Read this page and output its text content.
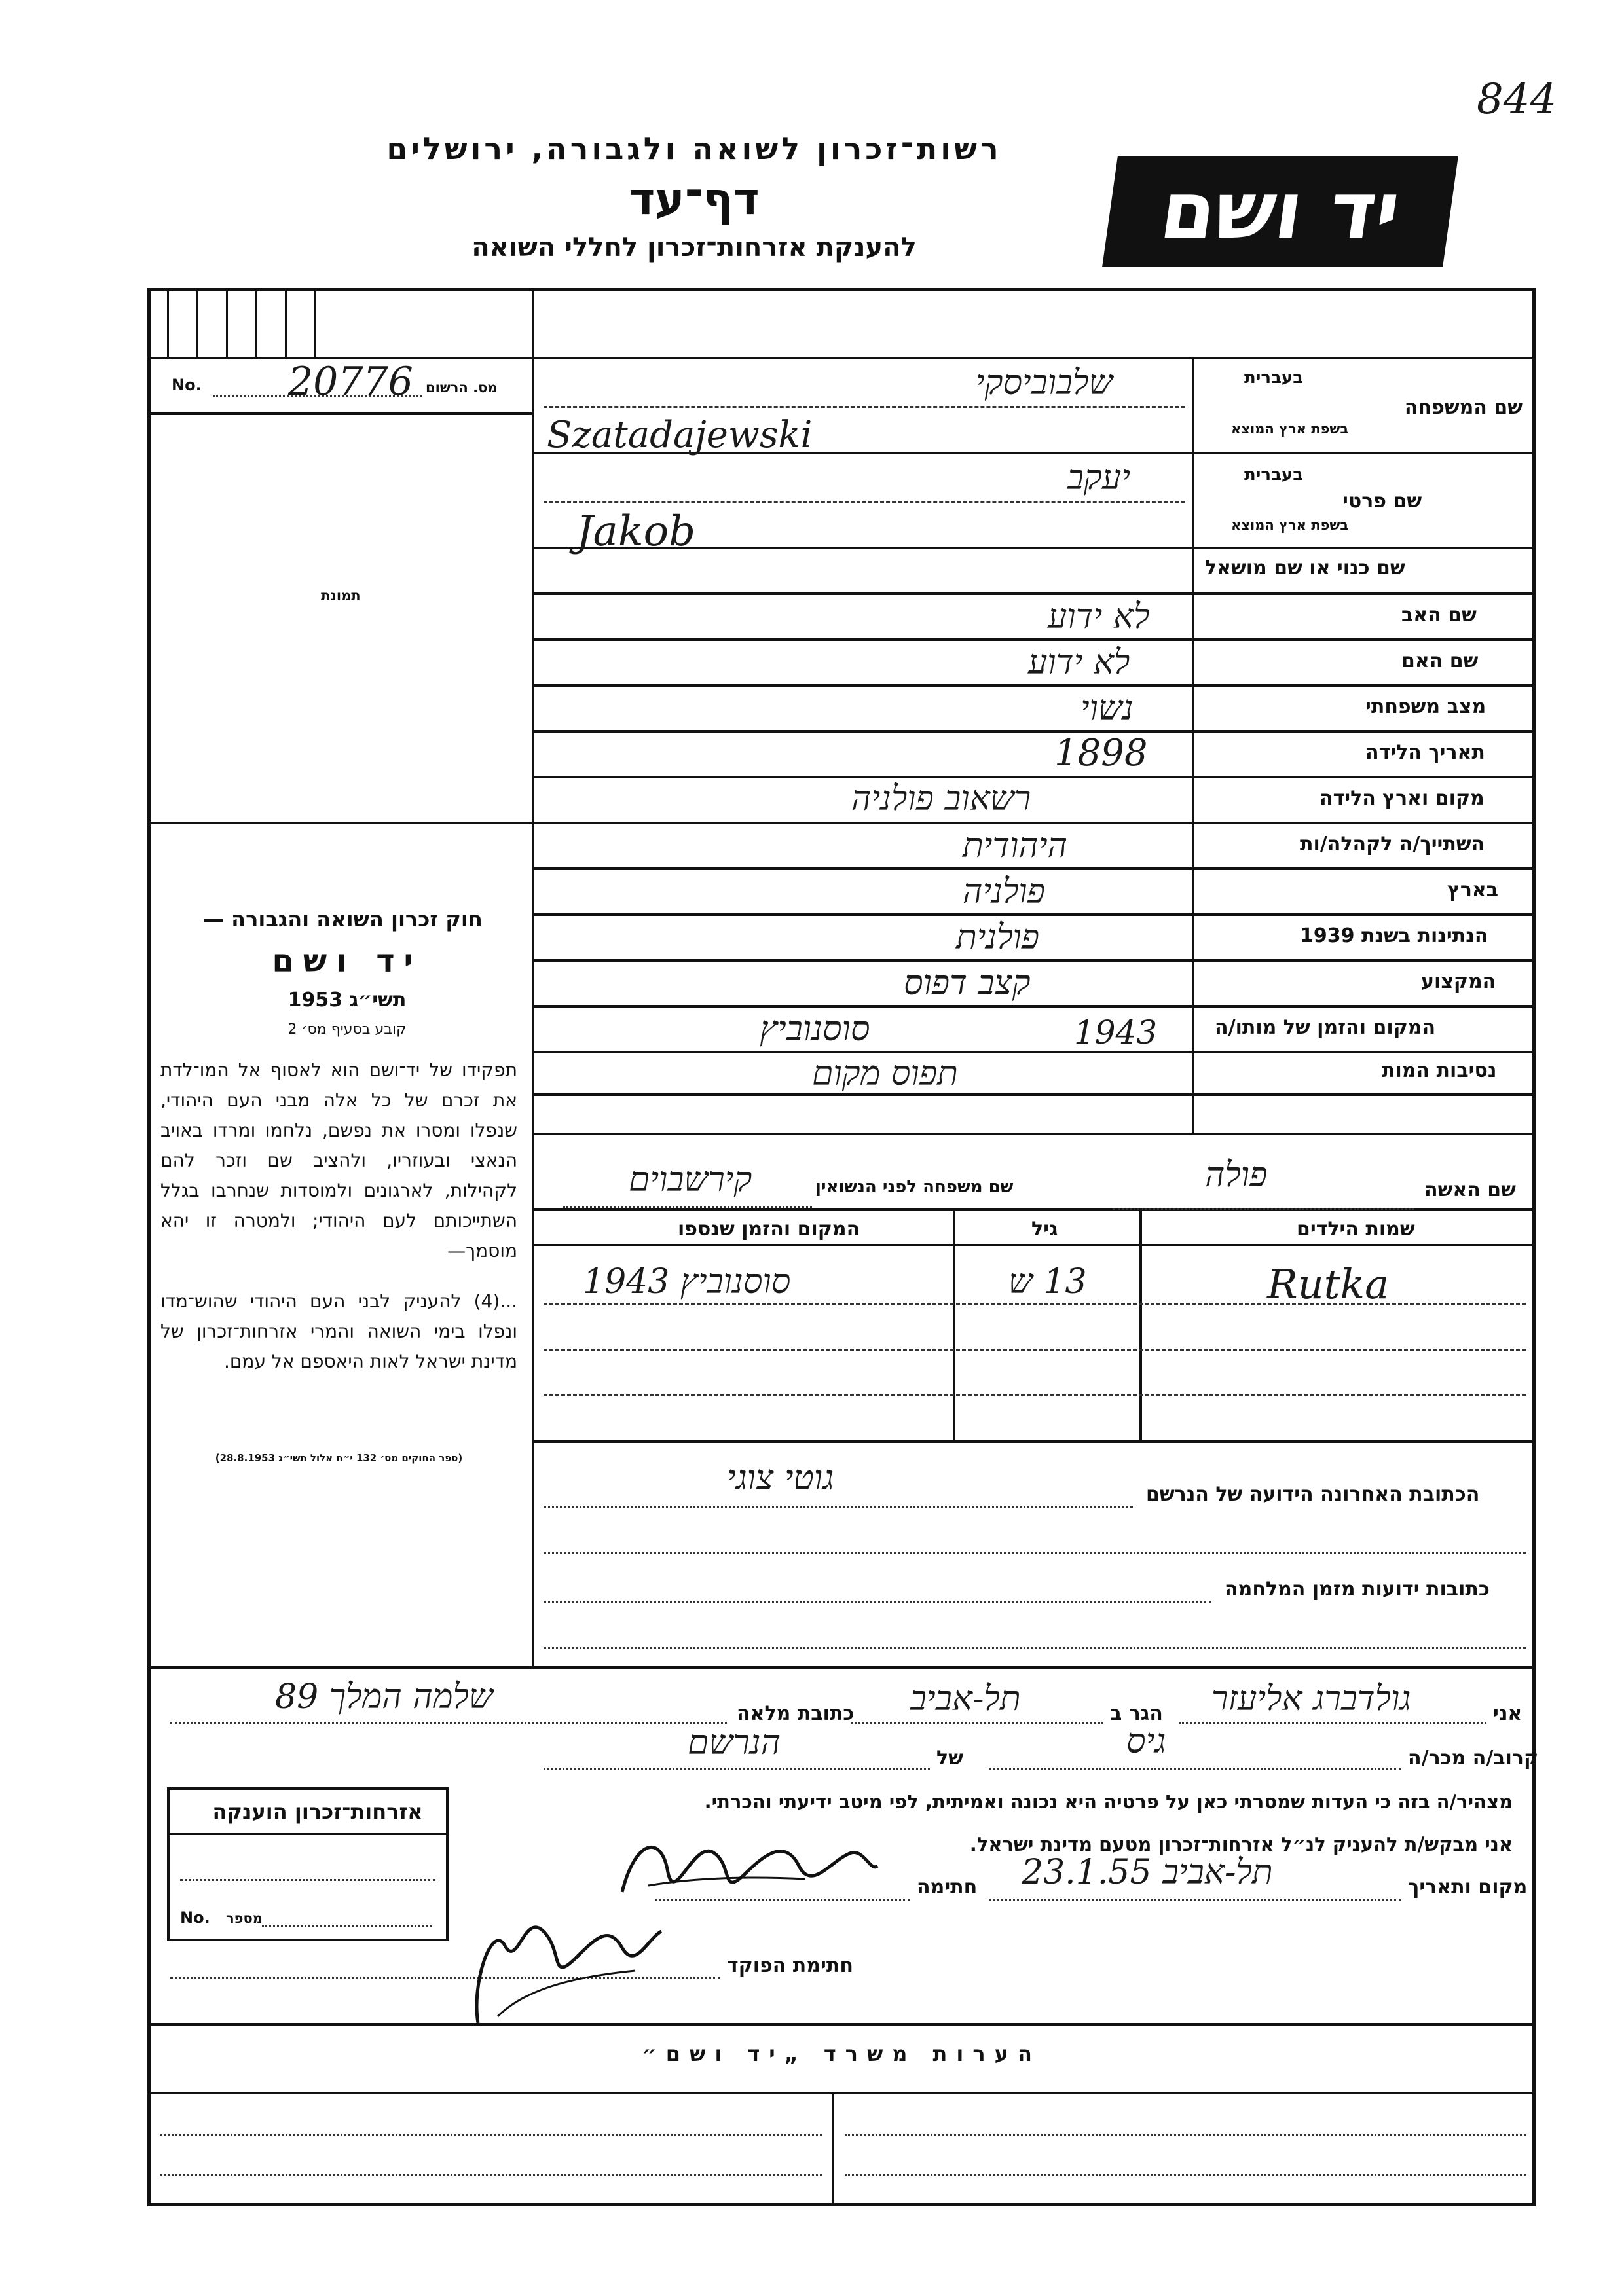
844
רשות־זכרון לשואה ולגבורה, ירושלים
דף־עד
להענקת אזרחות־זכרון לחללי השואה	יד ושם
No. 20776 מס. הרשום
תמונת
שם המשפחה
בעברית
בשפת ארץ המוצא
שלבוביסקי
Szatadajewski
שם פרטי
בעברית
בשפת ארץ המוצא
יעקב
Jakob
שם כנוי או שם מושאל
שם האב
לא ידוע
שם האם
לא ידוע
מצב משפחתי
נשוי
תאריך הלידה
1898
מקום וארץ הלידה
רשאוב פולניה
השתייך/ה לקהלה/ות
היהודית
בארץ
פולניה
הנתינות בשנת 1939
פולנית
המקצוע
קצב דפוס
המקום והזמן של מותו/ה
סוסנוביץ	1943
נסיבות המות
תפוס מקום
חוק זכרון השואה והגבורה —
יד ושם
תשי״ג 1953
קובע בסעיף מס׳ 2
תפקידו של יד־ושם הוא לאסוף אל המו־לדת את זכרם של כל אלה מבני העם היהודי, שנפלו ומסרו את נפשם, נלחמו ומרדו באויב הנאצי ובעוזריו, ולהציב שם וזכר להם לקהילות, לארגונים ולמוסדות שנחרבו בגלל השתייכותם לעם היהודי; ולמטרה זו יהא מוסמך—
...(4) להעניק לבני העם היהודי שהוש־מדו ונפלו בימי השואה והמרי אזרחות־זכרון של מדינת ישראל לאות היאספם אל עמם.
(ספר החוקים מס׳ 132 י״ח אלול תשי״ג 28.8.1953)
שם האשה
פולה
שם משפחה לפני הנשואין
קירשבוים
שמות הילדים
גיל
המקום והזמן שנספו
Rutka
13 ש
סוסנוביץ 1943
הכתובת האחרונה הידועה של הנרשם
גוטי צוגי
כתובות ידועות מזמן המלחמה
אני
גולדברג אליעזר
הגר ב
תל-אביב
כתובת מלאה
שלמה המלך 89
קרוב/ה מכר/ה
גיס
של
הנרשם
מצהיר/ה בזה כי העדות שמסרתי כאן על פרטיה היא נכונה ואמיתית, לפי מיטב ידיעתי והכרתי.
אני מבקש/ת להעניק לנ״ל אזרחות־זכרון מטעם מדינת ישראל.
מקום ותאריך
תל-אביב 23.1.55
חתימה
חתימת הפוקד
אזרחות־זכרון הוענקה
No. מספר
הערות משרד „יד ושם״
